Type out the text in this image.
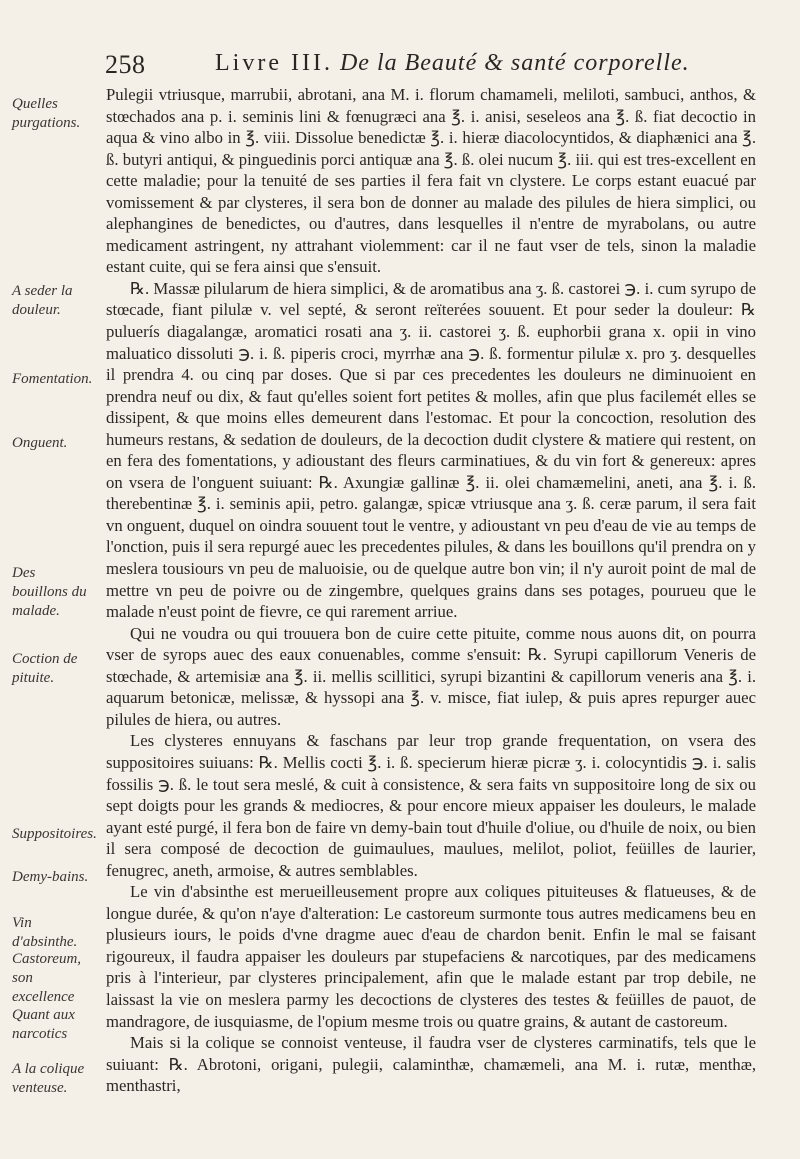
258	Livre III. De la Beauté & santé corporelle.
Quelles purgations.
A seder la douleur.
Fomentation.
Onguent.
Des bouillons du malade.
Coction de pituite.
Suppositoires.
Demy-bains.
Vin d'absinthe.
Castoreum, son excellence
Quant aux narcotics
A la colique venteuse.

Pulegii vtriusque, marrubii, abrotani, ana M. i. florum chamameli, meliloti, sambuci, anthos, & stœchados ana p. i. seminis lini & fœnugræci ana ℥. i. anisi, seseleos ana ℥. ß. fiat decoctio in aqua & vino albo in ℥. viii. Dissolue benedictæ ℥. i. hieræ diacolocyntidos, & diaphænici ana ℥. ß. butyri antiqui, & pinguedinis porci antiquæ ana ℥. ß. olei nucum ℥. iii. qui est tres-excellent en cette maladie; pour la tenuité de ses parties il fera fait vn clystere. Le corps estant euacué par vomissement & par clysteres, il sera bon de donner au malade des pilules de hiera simplici, ou alephangines de benedictes, ou d'autres, dans lesquelles il n'entre de myrabolans, ou autre medicament astringent, ny attrahant violemment: car il ne faut vser de tels, sinon la maladie estant cuite, qui se fera ainsi que s'ensuit.

℞. Massæ pilularum de hiera simplici, & de aromatibus ana ʒ. ß. castorei ℈. i. cum syrupo de stœcade, fiant pilulæ v. vel septé, & seront reïterées souuent. Et pour seder la douleur: ℞ puluerís diagalangæ, aromatici rosati ana ʒ. ii. castorei ʒ. ß. euphorbii grana x. opii in vino maluatico dissoluti ℈. i. ß. piperis croci, myrrhæ ana ℈. ß. formentur pilulæ x. pro ʒ. desquelles il prendra 4. ou cinq par doses. Que si par ces precedentes les douleurs ne diminuoient en prendra neuf ou dix, & faut qu'elles soient fort petites & molles, afin que plus facilemét elles se dissipent, & que moins elles demeurent dans l'estomac. Et pour la concoction, resolution des humeurs restans, & sedation de douleurs, de la decoction dudit clystere & matiere qui restent, on en fera des fomentations, y adioustant des fleurs carminatiues, & du vin fort & genereux: apres on vsera de l'onguent suiuant: ℞. Axungiæ gallinæ ℥. ii. olei chamæmelini, aneti, ana ℥. i. ß. therebentinæ ℥. i. seminis apii, petro. galangæ, spicæ vtriusque ana ʒ. ß. ceræ parum, il sera fait vn onguent, duquel on oindra souuent tout le ventre, y adioustant vn peu d'eau de vie au temps de l'onction, puis il sera repurgé auec les precedentes pilules, & dans les bouillons qu'il prendra on y meslera tousiours vn peu de maluoisie, ou de quelque autre bon vin; il n'y auroit point de mal de mettre vn peu de poivre ou de zingembre, quelques grains dans ses potages, pourueu que le malade n'eust point de fievre, ce qui rarement arriue.

Qui ne voudra ou qui trouuera bon de cuire cette pituite, comme nous auons dit, on pourra vser de syrops auec des eaux conuenables, comme s'ensuit: ℞. Syrupi capillorum Veneris de stœchade, & artemisiæ ana ℥. ii. mellis scillitici, syrupi bizantini & capillorum veneris ana ℥. i. aquarum betonicæ, melissæ, & hyssopi ana ℥. v. misce, fiat iulep, & puis apres repurger auec pilules de hiera, ou autres.

Les clysteres ennuyans & faschans par leur trop grande frequentation, on vsera des suppositoires suiuans: ℞. Mellis cocti ℥. i. ß. specierum hieræ picræ ʒ. i. colocyntidis ℈. i. salis fossilis ℈. ß. le tout sera meslé, & cuit à consistence, & sera faits vn suppositoire long de six ou sept doigts pour les grands & mediocres, & pour encore mieux appaiser les douleurs, le malade ayant esté purgé, il fera bon de faire vn demy-bain tout d'huile d'oliue, ou d'huile de noix, ou bien il sera composé de decoction de guimaulues, maulues, melilot, poliot, feüilles de laurier, fenugrec, aneth, armoise, & autres semblables.

Le vin d'absinthe est merueilleusement propre aux coliques pituiteuses & flatueuses, & de longue durée, & qu'on n'aye d'alteration: Le castoreum surmonte tous autres medicamens beu en plusieurs iours, le poids d'vne dragme auec d'eau de chardon benit. Enfin le mal se faisant rigoureux, il faudra appaiser les douleurs par stupefaciens & narcotiques, par des medicamens pris à l'interieur, par clysteres principalement, afin que le malade estant par trop debile, ne laissast la vie on meslera parmy les decoctions de clysteres des testes & feüilles de pauot, de mandragore, de iusquiasme, de l'opium mesme trois ou quatre grains, & autant de castoreum.

Mais si la colique se connoist venteuse, il faudra vser de clysteres carminatifs, tels que le suiuant: ℞. Abrotoni, origani, pulegii, calaminthæ, chamæmeli, ana M. i. rutæ, menthæ, menthastri,
